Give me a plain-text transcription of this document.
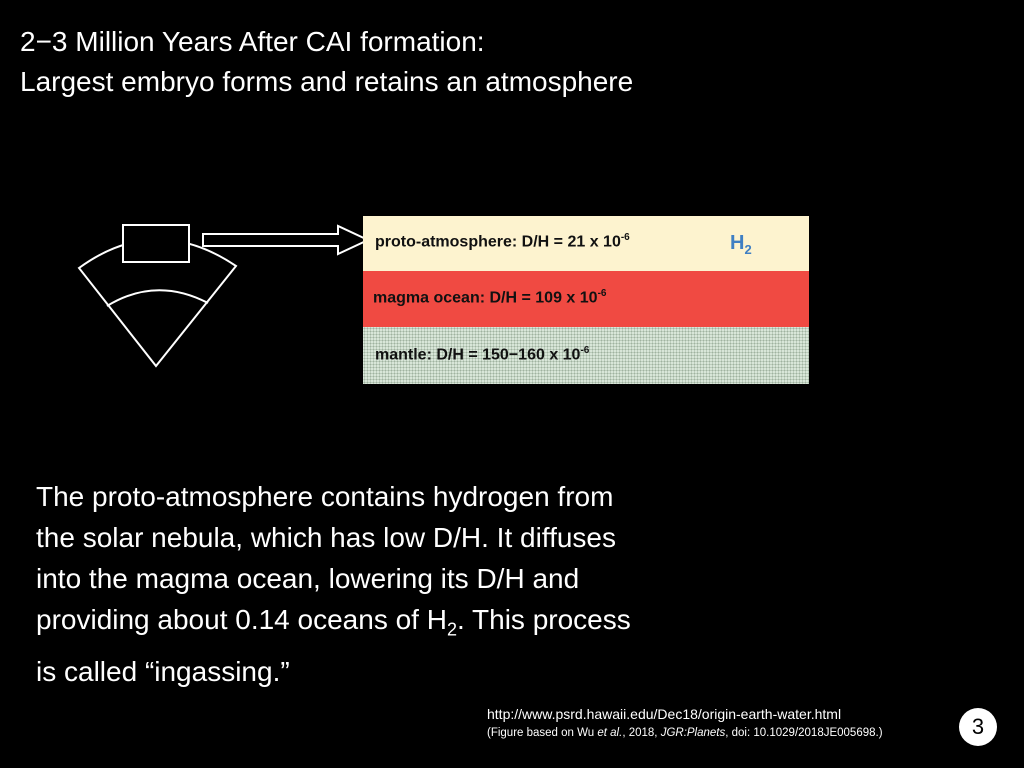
2−3 Million Years After CAI formation:
Largest embryo forms and retains an atmosphere
proto-atmosphere: D/H = 21 x $10^{-6}$
magma ocean: D/H = 109 x $10^{-6}$
mantle: D/H = 150−160 x $10^{-6}$
$H_2$

The proto-atmosphere contains hydrogen from the solar nebula, which has low D/H. It diffuses into the magma ocean, lowering its D/H and providing about 0.14 oceans of $H_2$. This process is called “ingassing.”

http://www.psrd.hawaii.edu/Dec18/origin-earth-water.html
(Figure based on Wu et al., 2018, JGR:Planets, doi: 10.1029/2018JE005698.)	3
